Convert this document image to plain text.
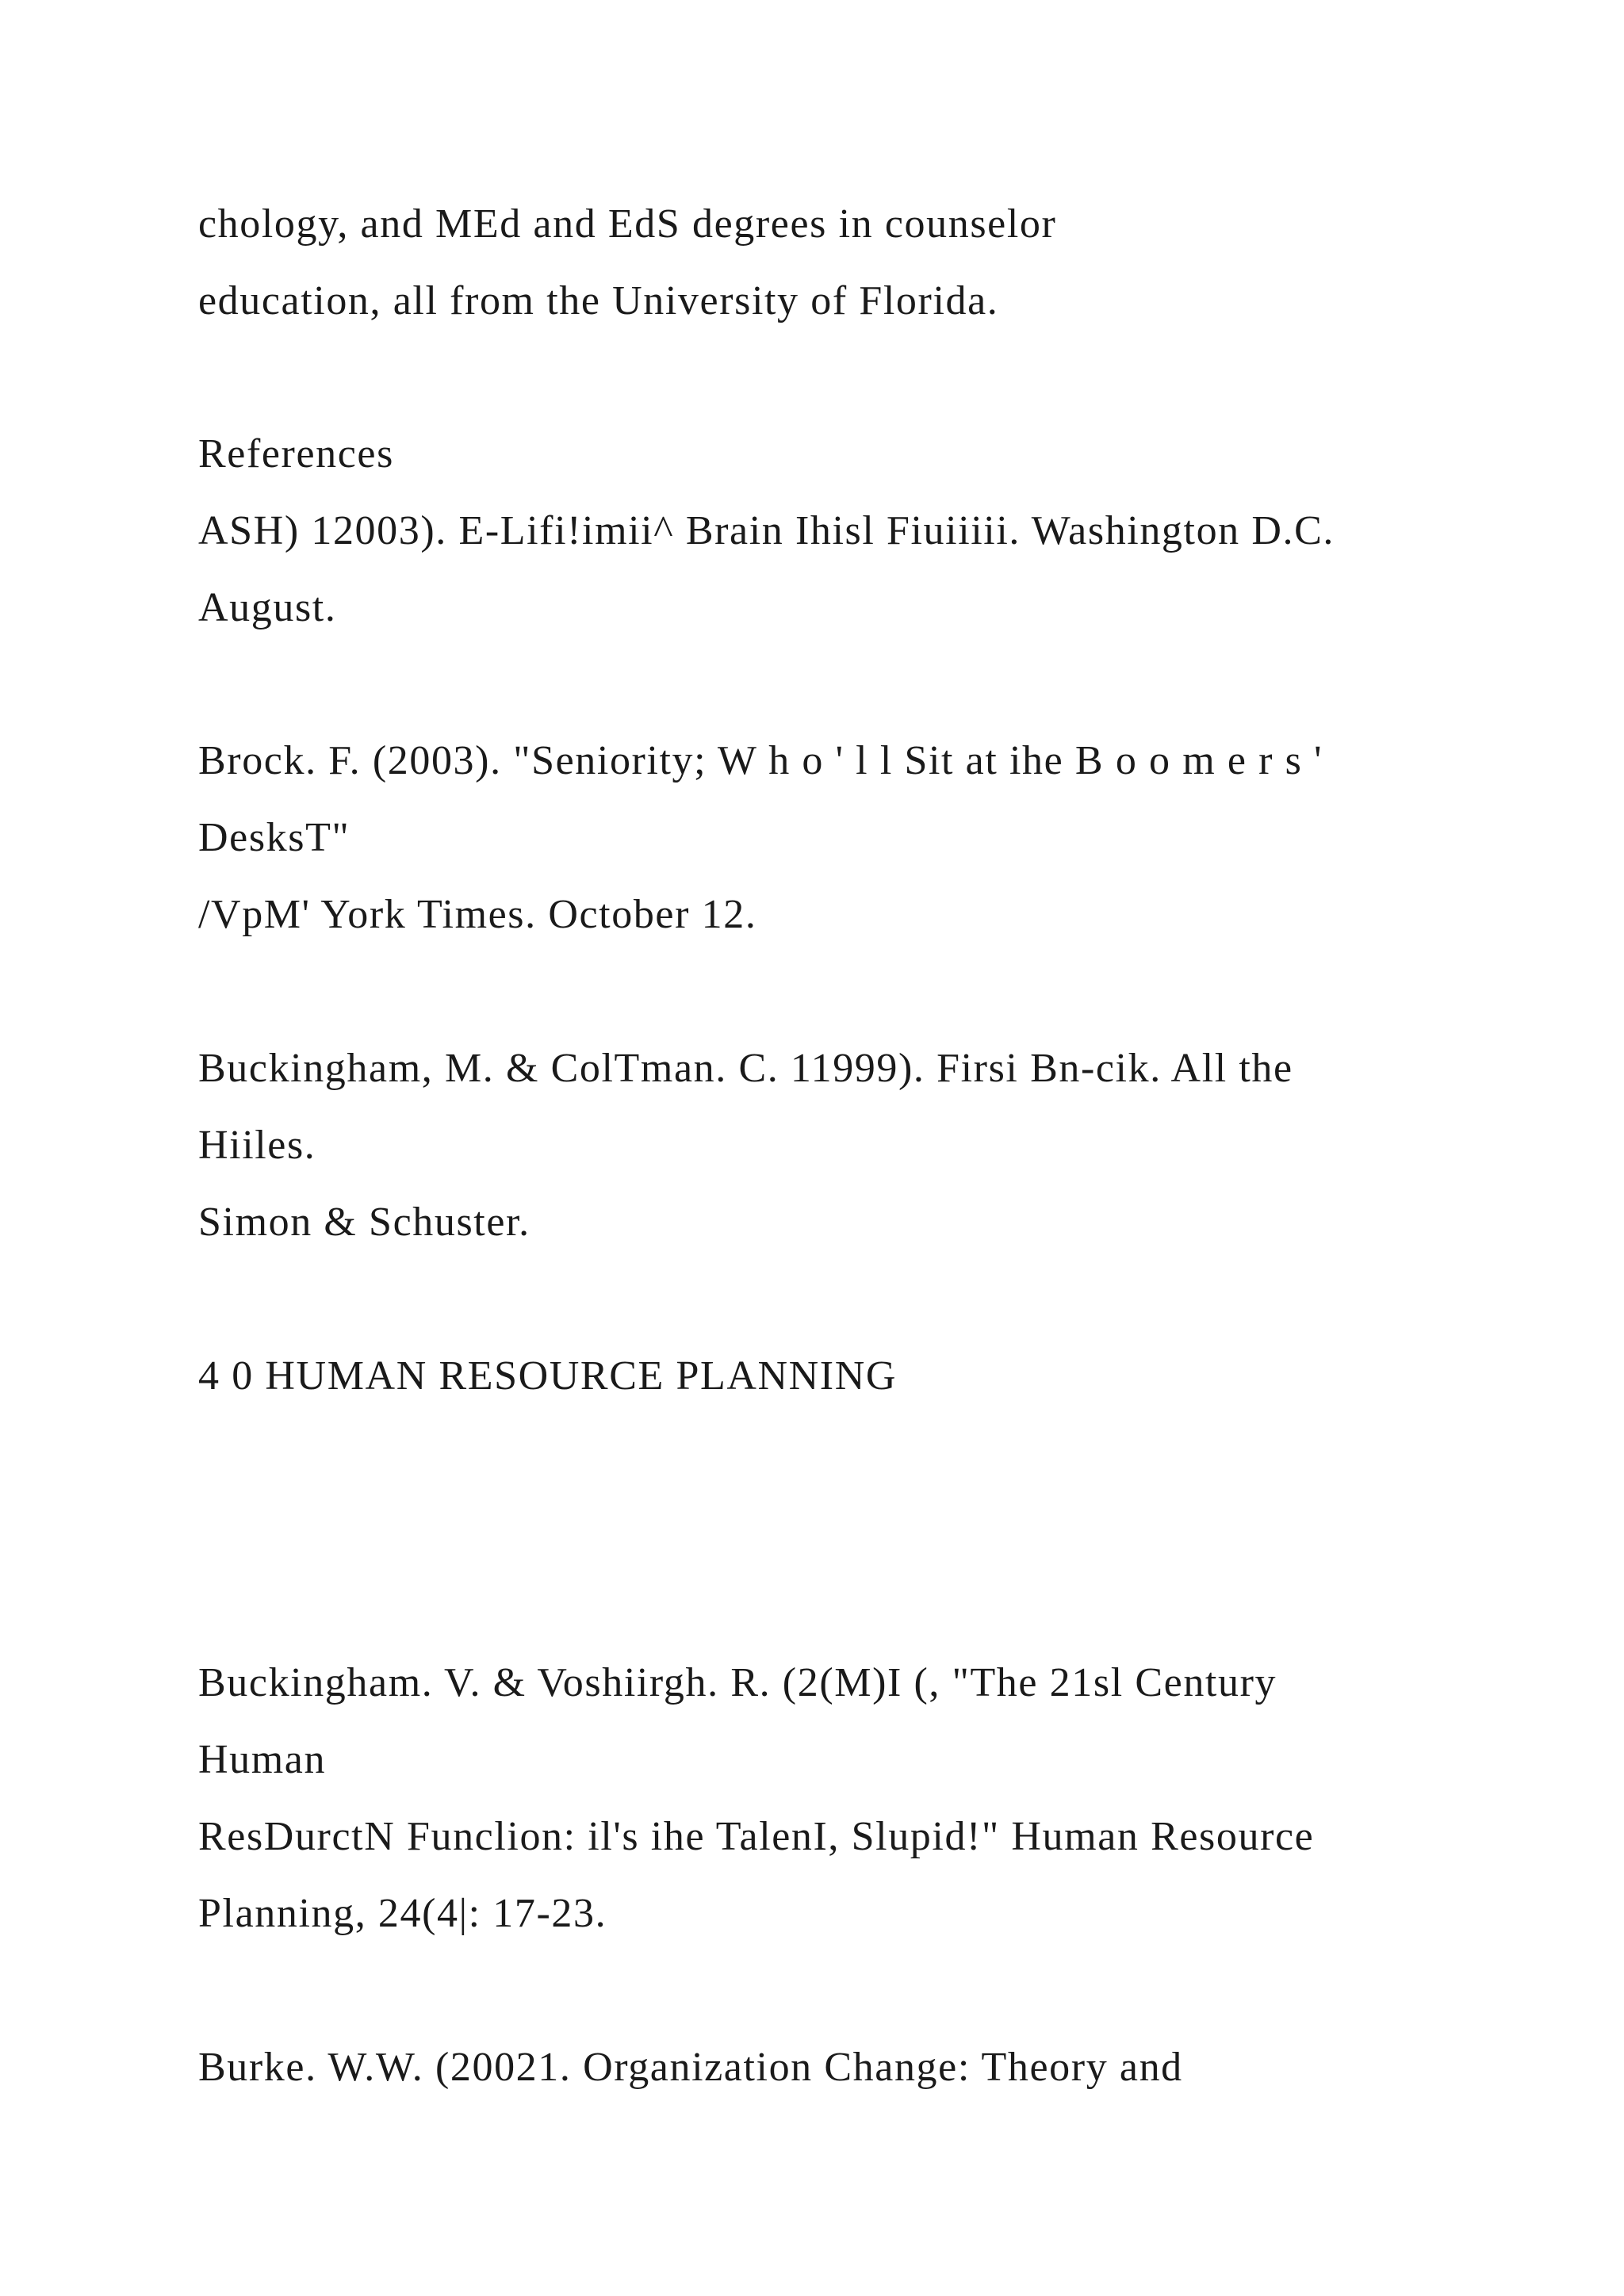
chology, and MEd and EdS degrees in counselor

education, all from the University of Florida.

References

ASH) 12003). E-Lifi!imii^ Brain Ihisl Fiuiiiii. Washington D.C.

August.

Brock. F. (2003). "Seniority; W h o ' l l Sit at ihe B o o m e r s '

DesksT"

/VpM' York Times. October 12.

Buckingham, M. & ColTman. C. 11999). Firsi Bn-cik. All the

Hiiles.

Simon & Schuster.

4 0 HUMAN RESOURCE PLANNING

Buckingham. V. & Voshiirgh. R. (2(M)I (, "The 21sl Century

Human

ResDurctN Funclion: il's ihe TalenI, Slupid!" Human Resource

Planning, 24(4|: 17-23.

Burke. W.W. (20021. Organization Change: Theory and
